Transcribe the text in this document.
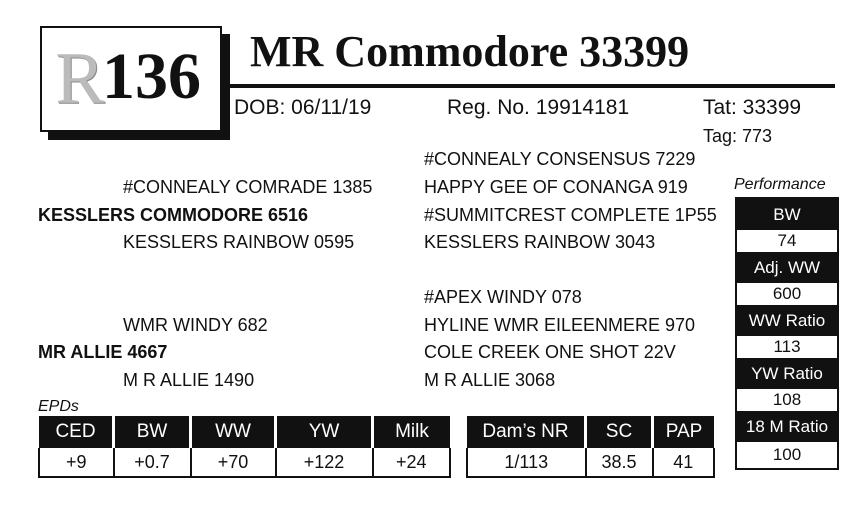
R
136 MR Commodore 33399
DOB: 06/11/19	Reg. No. 19914181	Tat: 33399
Tag: 773
#CONNEALY CONSENSUS 7229
#CONNEALY COMRADE 1385	HAPPY GEE OF CONANGA 919
KESSLERS COMMODORE 6516	#SUMMITCREST COMPLETE 1P55
KESSLERS RAINBOW 0595	KESSLERS RAINBOW 3043
#APEX WINDY 078
WMR WINDY 682	HYLINE WMR EILEENMERE 970
MR ALLIE 4667	COLE CREEK ONE SHOT 22V
M R ALLIE 1490	M R ALLIE 3068
EPDs
CED	BW	WW	YW	Milk
+9	+0.7	+70	+122	+24
Dam’s NR	SC	PAP
1/113	38.5	41
Performance
BW
74
Adj. WW
600
WW Ratio
113
YW Ratio
108
18 M Ratio
100
